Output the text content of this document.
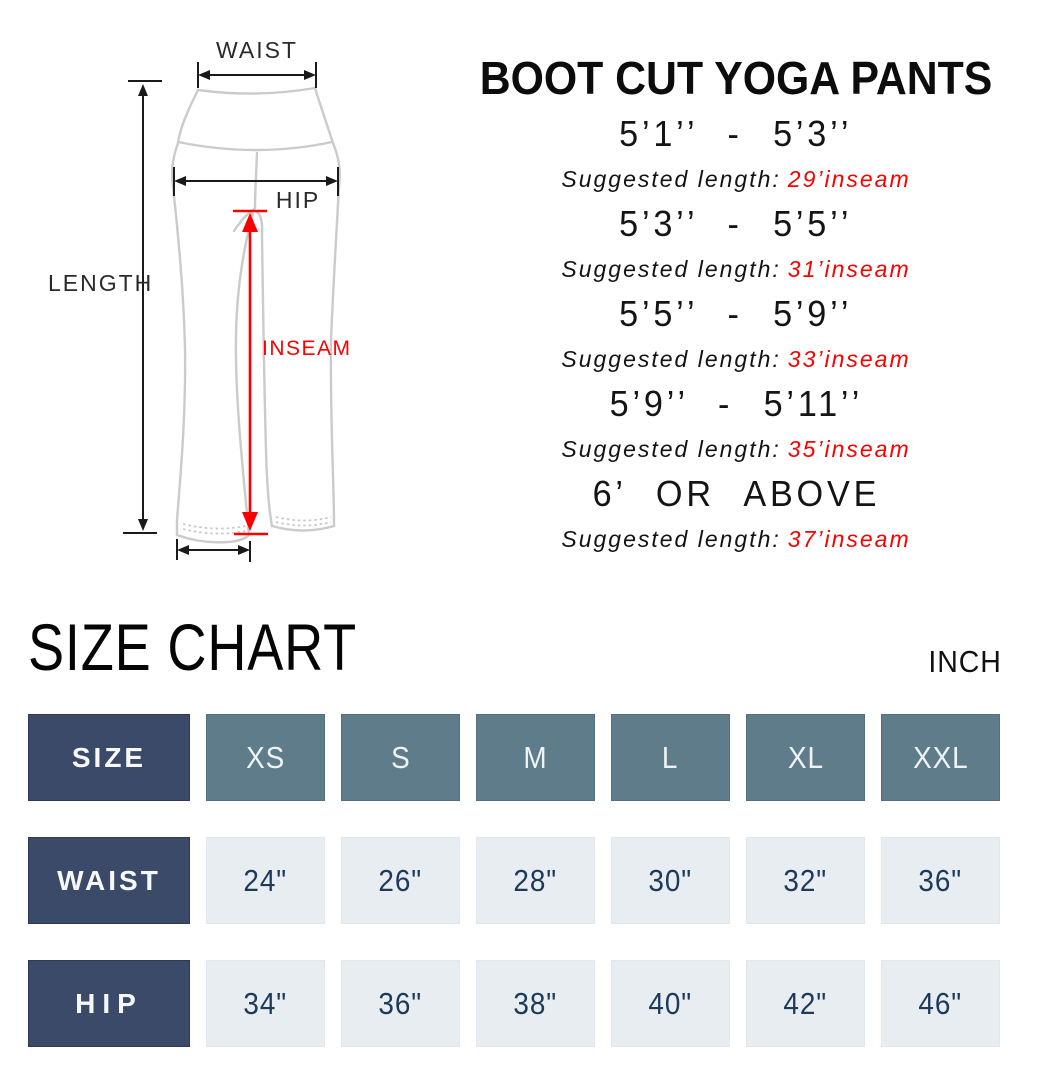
WAIST
HIP
LENGTH
INSEAM
BOOT CUT YOGA PANTS
5’1’’ - 5’3’’
Suggested length: 29’inseam
5’3’’ - 5’5’’
Suggested length: 31’inseam
5’5’’ - 5’9’’
Suggested length: 33’inseam
5’9’’ - 5’11’’
Suggested length: 35’inseam
6’ OR ABOVE
Suggested length: 37’inseam
SIZE CHART	INCH
SIZE	XS	S	M	L	XL	XXL
WAIST	24"	26"	28"	30"	32"	36"
HIP	34"	36"	38"	40"	42"	46"
